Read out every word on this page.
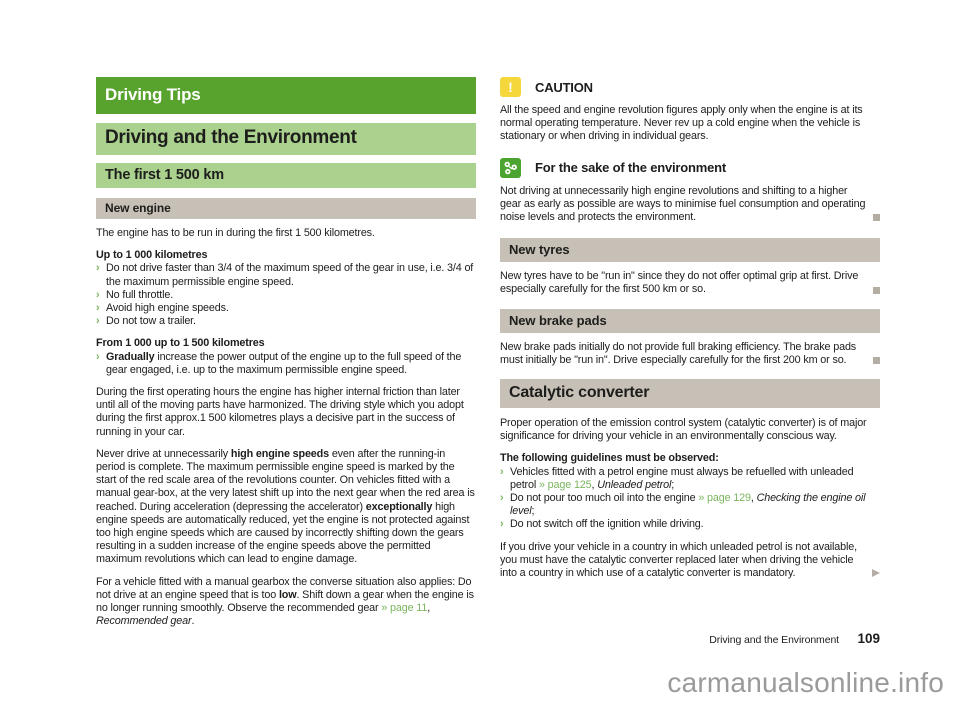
Driving Tips
Driving and the Environment
The first 1 500 km
New engine

The engine has to be run in during the first 1 500 kilometres.

Up to 1 000 kilometres

› Do not drive faster than 3/4 of the maximum speed of the gear in use, i.e. 3/4 of the maximum permissible engine speed.
› No full throttle.
› Avoid high engine speeds.
› Do not tow a trailer.

From 1 000 up to 1 500 kilometres

› Gradually increase the power output of the engine up to the full speed of the gear engaged, i.e. up to the maximum permissible engine speed.

During the first operating hours the engine has higher internal friction than later until all of the moving parts have harmonized. The driving style which you adopt during the first approx.1 500 kilometres plays a decisive part in the success of running in your car.

Never drive at unnecessarily high engine speeds even after the running-in period is complete. The maximum permissible engine speed is marked by the start of the red scale area of the revolutions counter. On vehicles fitted with a manual gear-box, at the very latest shift up into the next gear when the red area is reached. During acceleration (depressing the accelerator) exceptionally high engine speeds are automatically reduced, yet the engine is not protected against too high engine speeds which are caused by incorrectly shifting down the gears resulting in a sudden increase of the engine speeds above the permitted maximum revolutions which can lead to engine damage.

For a vehicle fitted with a manual gearbox the converse situation also applies: Do not drive at an engine speed that is too low. Shift down a gear when the engine is no longer running smoothly. Observe the recommended gear » page 11, Recommended gear.

!	CAUTION

All the speed and engine revolution figures apply only when the engine is at its normal operating temperature. Never rev up a cold engine when the vehicle is stationary or when driving in individual gears.

For the sake of the environment

Not driving at unnecessarily high engine revolutions and shifting to a higher gear as early as possible are ways to minimise fuel consumption and operating noise levels and protects the environment.

New tyres

New tyres have to be "run in" since they do not offer optimal grip at first. Drive especially carefully for the first 500 km or so.

New brake pads

New brake pads initially do not provide full braking efficiency. The brake pads must initially be "run in". Drive especially carefully for the first 200 km or so.

Catalytic converter

Proper operation of the emission control system (catalytic converter) is of major significance for driving your vehicle in an environmentally conscious way.

The following guidelines must be observed:

› Vehicles fitted with a petrol engine must always be refuelled with unleaded petrol » page 125, Unleaded petrol;
› Do not pour too much oil into the engine » page 129, Checking the engine oil level;
› Do not switch off the ignition while driving.

If you drive your vehicle in a country in which unleaded petrol is not available, you must have the catalytic converter replaced later when driving the vehicle into a country in which use of a catalytic converter is mandatory.

Driving and the Environment 109
carmanualsonline.info
